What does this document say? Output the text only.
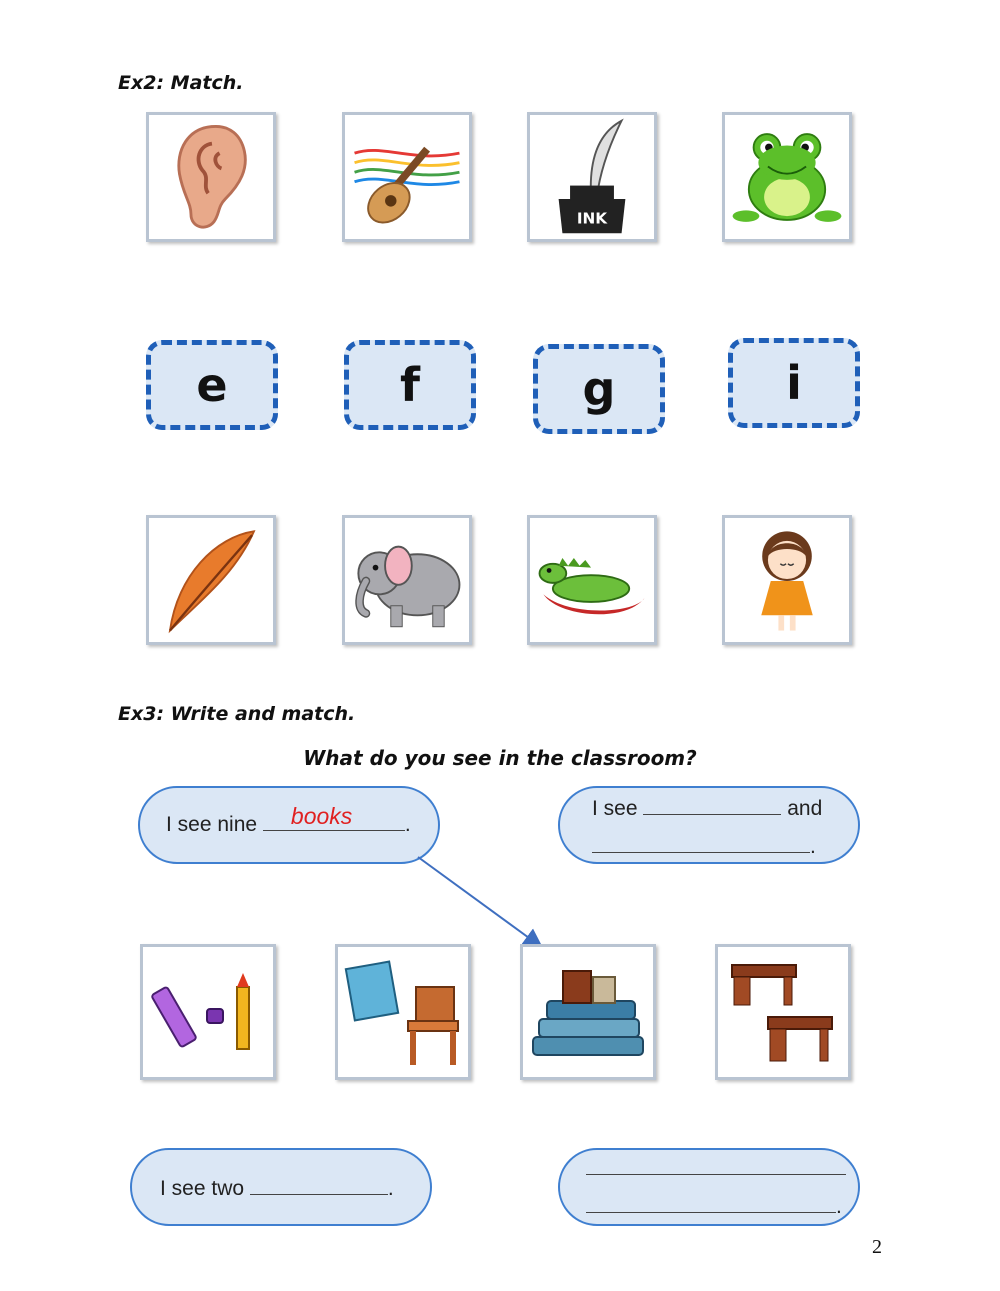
Ex2: Match.
INK
e	f	g	i
Ex3: Write and match.
What do you see in the classroom?
I see nine books	.
I see	and
.
I see two	.
.
2
